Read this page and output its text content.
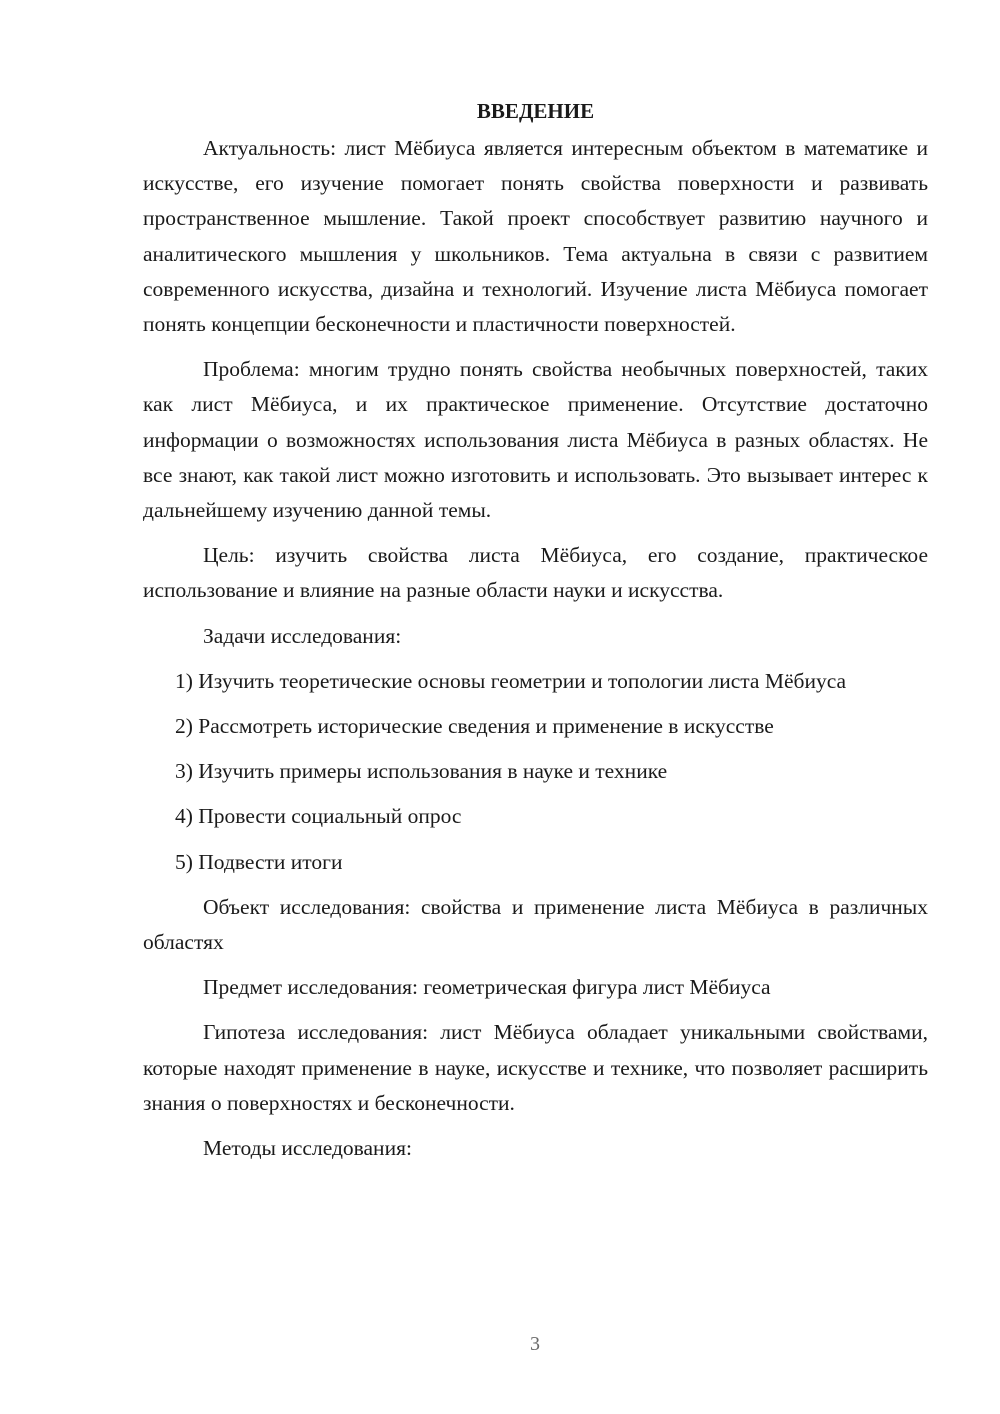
ВВЕДЕНИЕ

Актуальность: лист Мёбиуса является интересным объектом в математике и искусстве, его изучение помогает понять свойства поверхности и развивать пространственное мышление. Такой проект способствует развитию научного и аналитического мышления у школьников. Тема актуальна в связи с развитием современного искусства, дизайна и технологий. Изучение листа Мёбиуса помогает понять концепции бесконечности и пластичности поверхностей.

Проблема: многим трудно понять свойства необычных поверхностей, таких как лист Мёбиуса, и их практическое применение. Отсутствие достаточно информации о возможностях использования листа Мёбиуса в разных областях. Не все знают, как такой лист можно изготовить и использовать. Это вызывает интерес к дальнейшему изучению данной темы.

Цель: изучить свойства листа Мёбиуса, его создание, практическое использование и влияние на разные области науки и искусства.

Задачи исследования:

1) Изучить теоретические основы геометрии и топологии листа Мёбиуса

2) Рассмотреть исторические сведения и применение в искусстве

3) Изучить примеры использования в науке и технике

4) Провести социальный опрос

5) Подвести итоги

Объект исследования: свойства и применение листа Мёбиуса в различных областях

Предмет исследования: геометрическая фигура лист Мёбиуса

Гипотеза исследования: лист Мёбиуса обладает уникальными свойствами, которые находят применение в науке, искусстве и технике, что позволяет расширить знания о поверхностях и бесконечности.

Методы исследования:

3
